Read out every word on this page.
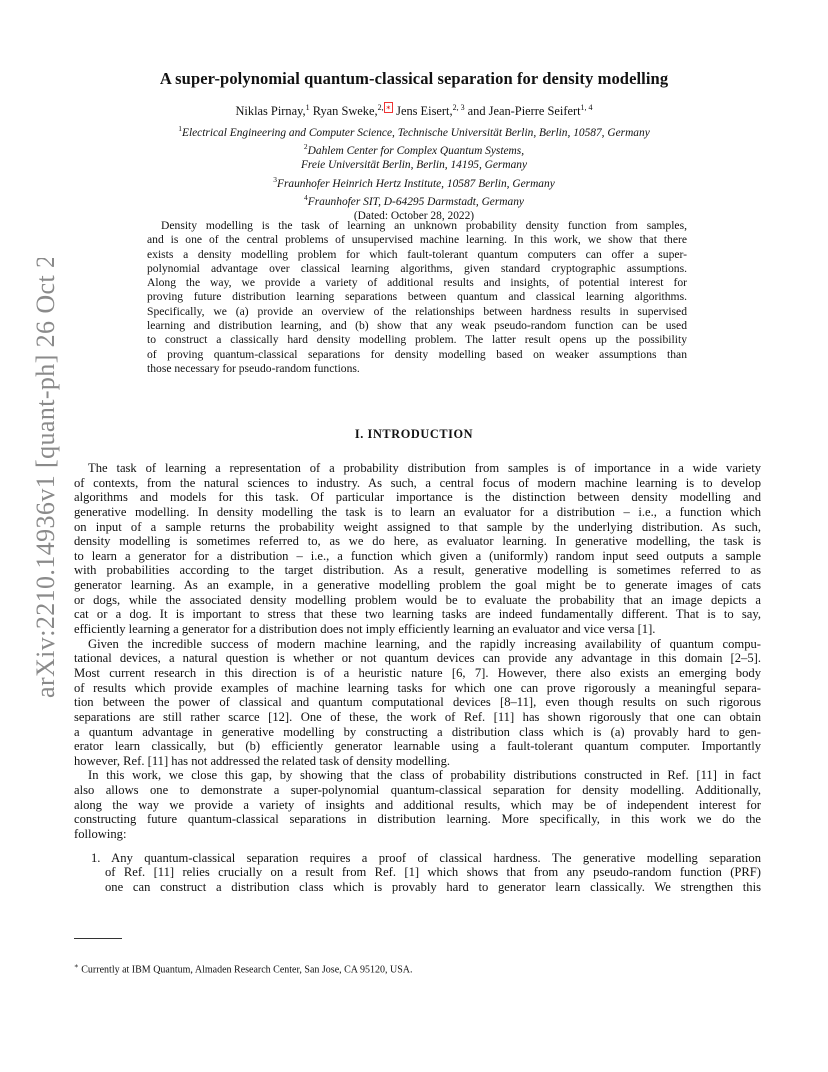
arXiv:2210.14936v1 [quant-ph] 26 Oct 2022
A super-polynomial quantum-classical separation for density modelling
Niklas Pirnay,$^1$ Ryan Sweke,$^{2,}$ ∗ Jens Eisert,$^{2, 3}$ and Jean-Pierre Seifert$^{1, 4}$
$^1$Electrical Engineering and Computer Science, Technische Universität Berlin, Berlin, 10587, Germany
$^2$Dahlem Center for Complex Quantum Systems,
Freie Universität Berlin, Berlin, 14195, Germany
$^3$Fraunhofer Heinrich Hertz Institute, 10587 Berlin, Germany
$^4$Fraunhofer SIT, D-64295 Darmstadt, Germany
(Dated: October 28, 2022)
Density modelling is the task of learning an unknown probability density function from samples,
and is one of the central problems of unsupervised machine learning. In this work, we show that there
exists a density modelling problem for which fault-tolerant quantum computers can offer a super-
polynomial advantage over classical learning algorithms, given standard cryptographic assumptions.
Along the way, we provide a variety of additional results and insights, of potential interest for
proving future distribution learning separations between quantum and classical learning algorithms.
Specifically, we (a) provide an overview of the relationships between hardness results in supervised
learning and distribution learning, and (b) show that any weak pseudo-random function can be used
to construct a classically hard density modelling problem. The latter result opens up the possibility
of proving quantum-classical separations for density modelling based on weaker assumptions than
those necessary for pseudo-random functions.
I. INTRODUCTION
The task of learning a representation of a probability distribution from samples is of importance in a wide variety
of contexts, from the natural sciences to industry. As such, a central focus of modern machine learning is to develop
algorithms and models for this task. Of particular importance is the distinction between density modelling and
generative modelling. In density modelling the task is to learn an evaluator for a distribution – i.e., a function which
on input of a sample returns the probability weight assigned to that sample by the underlying distribution. As such,
density modelling is sometimes referred to, as we do here, as evaluator learning. In generative modelling, the task is
to learn a generator for a distribution – i.e., a function which given a (uniformly) random input seed outputs a sample
with probabilities according to the target distribution. As a result, generative modelling is sometimes referred to as
generator learning. As an example, in a generative modelling problem the goal might be to generate images of cats
or dogs, while the associated density modelling problem would be to evaluate the probability that an image depicts a
cat or a dog. It is important to stress that these two learning tasks are indeed fundamentally different. That is to say,
efficiently learning a generator for a distribution does not imply efficiently learning an evaluator and vice versa [1].
Given the incredible success of modern machine learning, and the rapidly increasing availability of quantum compu-
tational devices, a natural question is whether or not quantum devices can provide any advantage in this domain [2–5].
Most current research in this direction is of a heuristic nature [6, 7]. However, there also exists an emerging body
of results which provide examples of machine learning tasks for which one can prove rigorously a meaningful separa-
tion between the power of classical and quantum computational devices [8–11], even though results on such rigorous
separations are still rather scarce [12]. One of these, the work of Ref. [11] has shown rigorously that one can obtain
a quantum advantage in generative modelling by constructing a distribution class which is (a) provably hard to gen-
erator learn classically, but (b) efficiently generator learnable using a fault-tolerant quantum computer. Importantly
however, Ref. [11] has not addressed the related task of density modelling.
In this work, we close this gap, by showing that the class of probability distributions constructed in Ref. [11] in fact
also allows one to demonstrate a super-polynomial quantum-classical separation for density modelling. Additionally,
along the way we provide a variety of insights and additional results, which may be of independent interest for
constructing future quantum-classical separations in distribution learning. More specifically, in this work we do the
following:
1. Any quantum-classical separation requires a proof of classical hardness. The generative modelling separation
of Ref. [11] relies crucially on a result from Ref. [1] which shows that from any pseudo-random function (PRF)
one can construct a distribution class which is provably hard to generator learn classically. We strengthen this
∗ Currently at IBM Quantum, Almaden Research Center, San Jose, CA 95120, USA.
